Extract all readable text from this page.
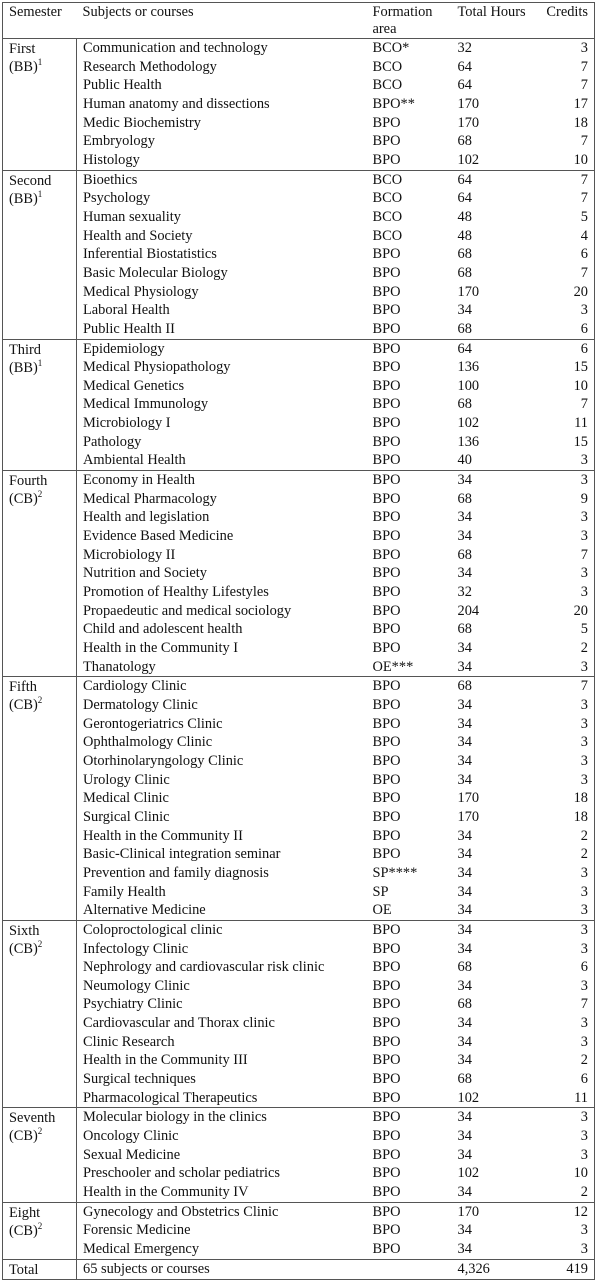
Semester	Subjects or courses	Formation area	Total Hours	Credits
First
(BB)$^1$	Communication and technology	BCO*	32	3
	Research Methodology	BCO	64	7
	Public Health	BCO	64	7
	Human anatomy and dissections	BPO**	170	17
	Medic Biochemistry	BPO	170	18
	Embryology	BPO	68	7
	Histology	BPO	102	10
Second
(BB)$^1$	Bioethics	BCO	64	7
	Psychology	BCO	64	7
	Human sexuality	BCO	48	5
	Health and Society	BCO	48	4
	Inferential Biostatistics	BPO	68	6
	Basic Molecular Biology	BPO	68	7
	Medical Physiology	BPO	170	20
	Laboral Health	BPO	34	3
	Public Health II	BPO	68	6
Third
(BB)$^1$	Epidemiology	BPO	64	6
	Medical Physiopathology	BPO	136	15
	Medical Genetics	BPO	100	10
	Medical Immunology	BPO	68	7
	Microbiology I	BPO	102	11
	Pathology	BPO	136	15
	Ambiental Health	BPO	40	3
Fourth
(CB)$^2$	Economy in Health	BPO	34	3
	Medical Pharmacology	BPO	68	9
	Health and legislation	BPO	34	3
	Evidence Based Medicine	BPO	34	3
	Microbiology II	BPO	68	7
	Nutrition and Society	BPO	34	3
	Promotion of Healthy Lifestyles	BPO	32	3
	Propaedeutic and medical sociology	BPO	204	20
	Child and adolescent health	BPO	68	5
	Health in the Community I	BPO	34	2
	Thanatology	OE***	34	3
Fifth
(CB)$^2$	Cardiology Clinic	BPO	68	7
	Dermatology Clinic	BPO	34	3
	Gerontogeriatrics Clinic	BPO	34	3
	Ophthalmology Clinic	BPO	34	3
	Otorhinolaryngology Clinic	BPO	34	3
	Urology Clinic	BPO	34	3
	Medical Clinic	BPO	170	18
	Surgical Clinic	BPO	170	18
	Health in the Community II	BPO	34	2
	Basic-Clinical integration seminar	BPO	34	2
	Prevention and family diagnosis	SP****	34	3
	Family Health	SP	34	3
	Alternative Medicine	OE	34	3
Sixth
(CB)$^2$	Coloproctological clinic	BPO	34	3
	Infectology Clinic	BPO	34	3
	Nephrology and cardiovascular risk clinic	BPO	68	6
	Neumology Clinic	BPO	34	3
	Psychiatry Clinic	BPO	68	7
	Cardiovascular and Thorax clinic	BPO	34	3
	Clinic Research	BPO	34	3
	Health in the Community III	BPO	34	2
	Surgical techniques	BPO	68	6
	Pharmacological Therapeutics	BPO	102	11
Seventh
(CB)$^2$	Molecular biology in the clinics	BPO	34	3
	Oncology Clinic	BPO	34	3
	Sexual Medicine	BPO	34	3
	Preschooler and scholar pediatrics	BPO	102	10
	Health in the Community IV	BPO	34	2
Eight
(CB)$^2$	Gynecology and Obstetrics Clinic	BPO	170	12
	Forensic Medicine	BPO	34	3
	Medical Emergency	BPO	34	3
Total	65 subjects or courses		4,326	419
